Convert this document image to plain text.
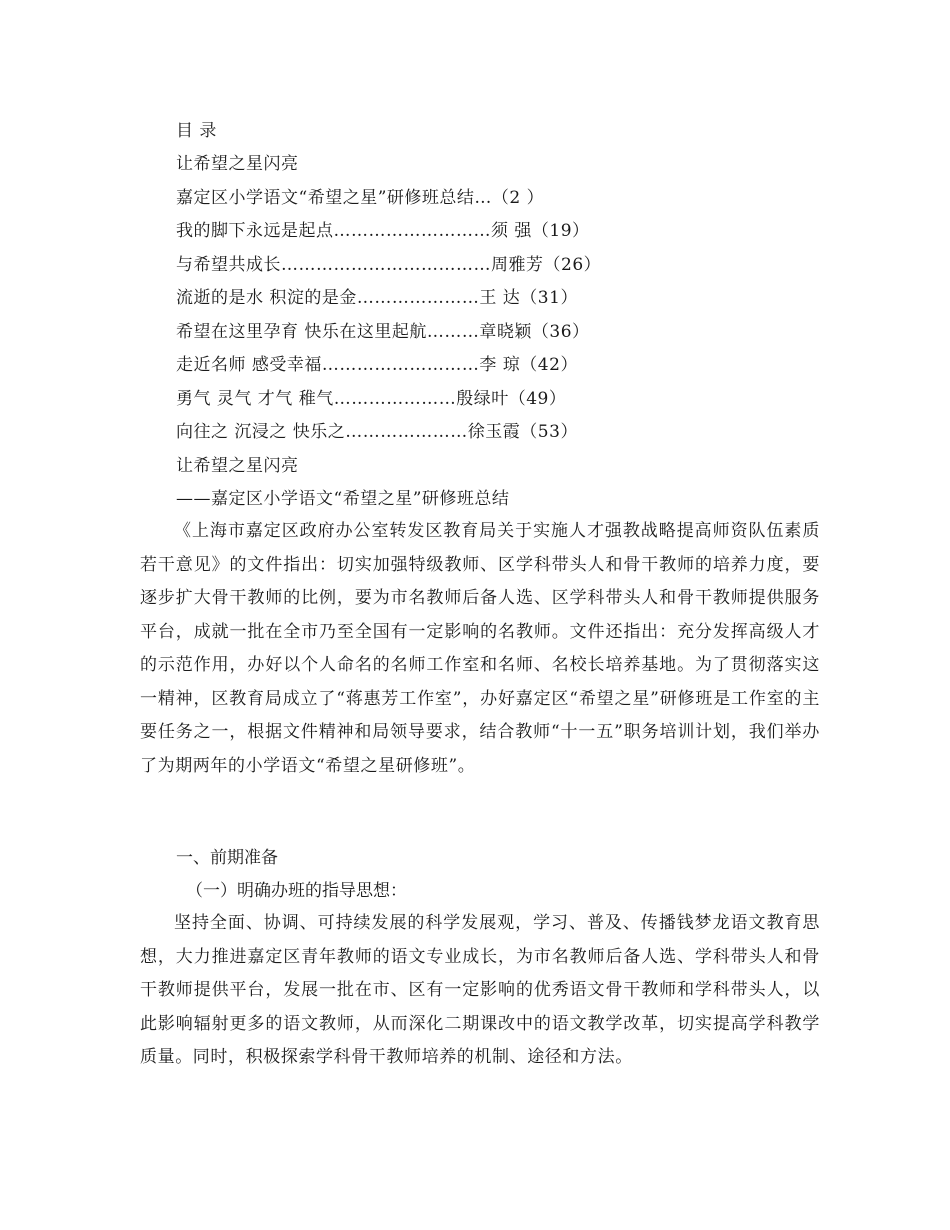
目 录
让希望之星闪亮
嘉定区小学语文“希望之星”研修班总结…（2 ）
我的脚下永远是起点………………………须 强（19）
与希望共成长………………………………周雅芳（26）
流逝的是水 积淀的是金…………………王 达（31）
希望在这里孕育 快乐在这里起航………章晓颖（36）
走近名师 感受幸福………………………李 琼（42）
勇气 灵气 才气 稚气…………………殷绿叶（49）
向往之 沉浸之 快乐之…………………徐玉霞（53）
让希望之星闪亮
——嘉定区小学语文“希望之星”研修班总结

《上海市嘉定区政府办公室转发区教育局关于实施人才强教战略提高师资队伍素质若干意见》的文件指出：切实加强特级教师、区学科带头人和骨干教师的培养力度，要逐步扩大骨干教师的比例，要为市名教师后备人选、区学科带头人和骨干教师提供服务平台，成就一批在全市乃至全国有一定影响的名教师。文件还指出：充分发挥高级人才的示范作用，办好以个人命名的名师工作室和名师、名校长培养基地。为了贯彻落实这一精神，区教育局成立了“蒋惠芳工作室”，办好嘉定区“希望之星”研修班是工作室的主要任务之一，根据文件精神和局领导要求，结合教师“十一五”职务培训计划，我们举办了为期两年的小学语文“希望之星研修班”。

一、前期准备
（一）明确办班的指导思想：

坚持全面、协调、可持续发展的科学发展观，学习、普及、传播钱梦龙语文教育思想，大力推进嘉定区青年教师的语文专业成长，为市名教师后备人选、学科带头人和骨干教师提供平台，发展一批在市、区有一定影响的优秀语文骨干教师和学科带头人，以此影响辐射更多的语文教师，从而深化二期课改中的语文教学改革，切实提高学科教学质量。同时，积极探索学科骨干教师培养的机制、途径和方法。
